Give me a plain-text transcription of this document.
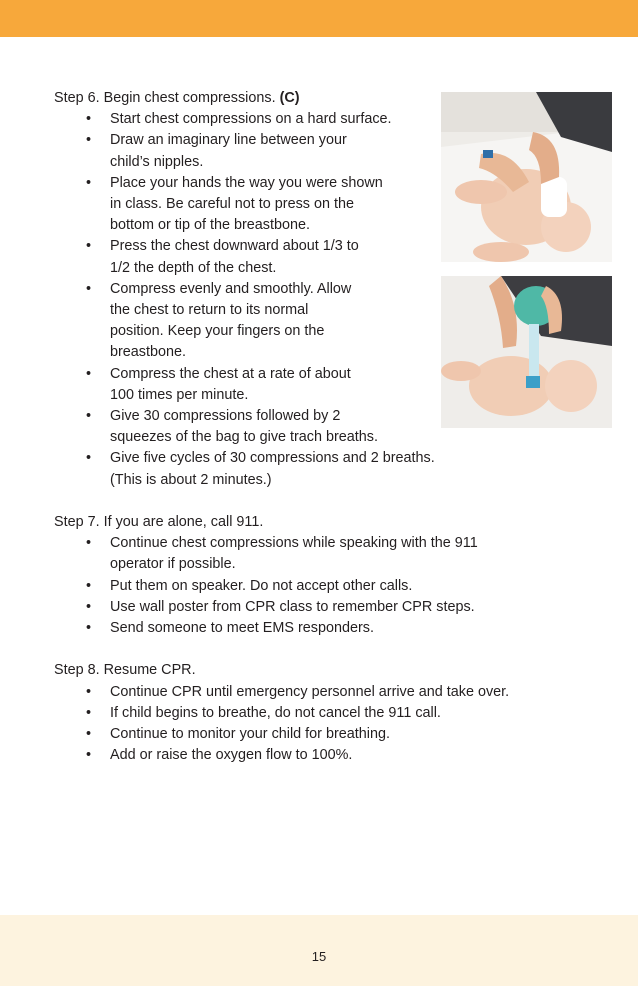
Step 6. Begin chest compressions. (C)

• Start chest compressions on a hard surface.
• Draw an imaginary line between your
child’s nipples.
• Place your hands the way you were shown
in class. Be careful not to press on the
bottom or tip of the breastbone.
• Press the chest downward about 1/3 to
1/2 the depth of the chest.
• Compress evenly and smoothly. Allow
the chest to return to its normal
position. Keep your fingers on the
breastbone.
• Compress the chest at a rate of about
100 times per minute.
• Give 30 compressions followed by 2
squeezes of the bag to give trach breaths.
• Give five cycles of 30 compressions and 2 breaths.
(This is about 2 minutes.)

Step 7. If you are alone, call 911.

• Continue chest compressions while speaking with the 911
operator if possible.
• Put them on speaker. Do not accept other calls.
• Use wall poster from CPR class to remember CPR steps.
• Send someone to meet EMS responders.

Step 8. Resume CPR.

• Continue CPR until emergency personnel arrive and take over.
• If child begins to breathe, do not cancel the 911 call.
• Continue to monitor your child for breathing.
• Add or raise the oxygen flow to 100%.
15
